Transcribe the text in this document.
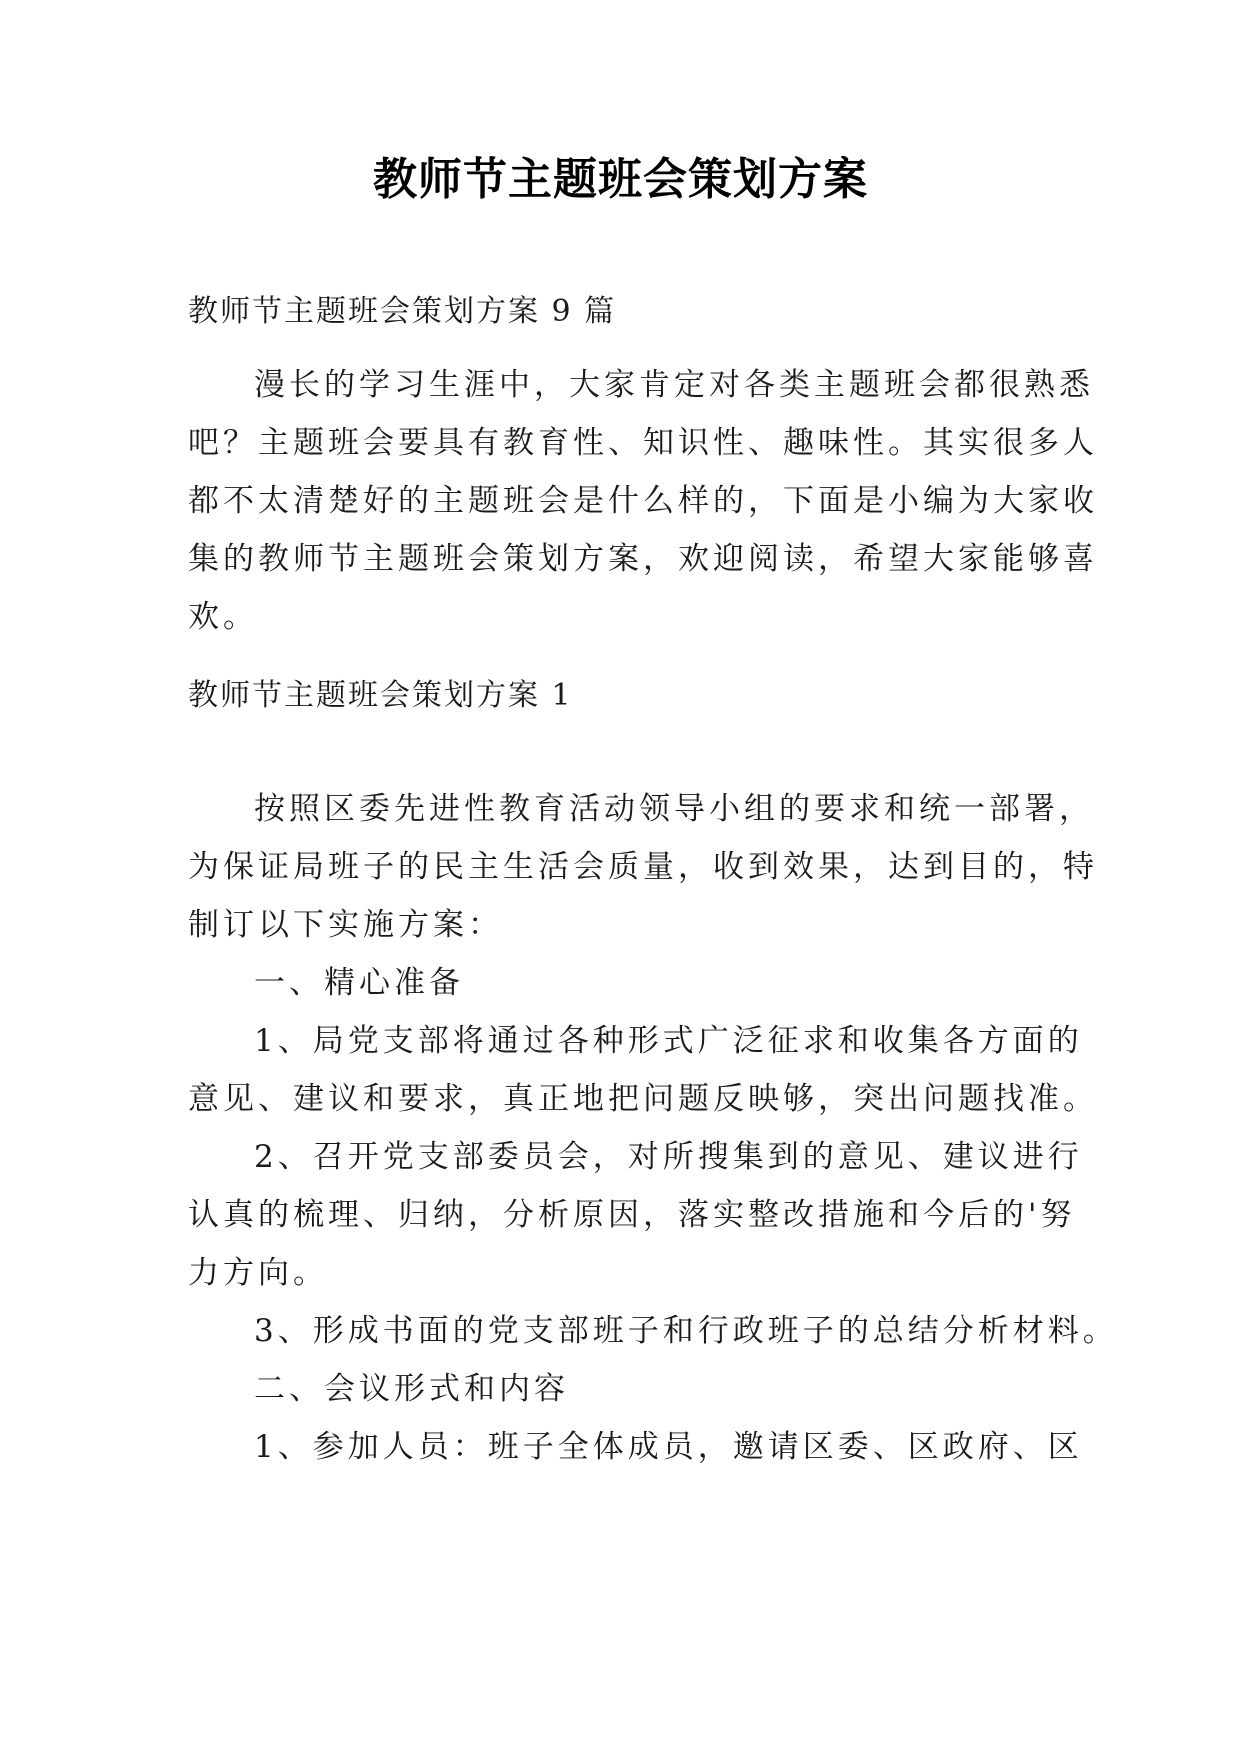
教师节主题班会策划方案
教师节主题班会策划方案 9 篇
漫长的学习生涯中，大家肯定对各类主题班会都很熟悉
吧？主题班会要具有教育性、知识性、趣味性。其实很多人
都不太清楚好的主题班会是什么样的，下面是小编为大家收
集的教师节主题班会策划方案，欢迎阅读，希望大家能够喜
欢。
教师节主题班会策划方案 1
按照区委先进性教育活动领导小组的要求和统一部署，
为保证局班子的民主生活会质量，收到效果，达到目的，特
制订以下实施方案：
一、精心准备
1、局党支部将通过各种形式广泛征求和收集各方面的
意见、建议和要求，真正地把问题反映够，突出问题找准。
2、召开党支部委员会，对所搜集到的意见、建议进行
认真的梳理、归纳，分析原因，落实整改措施和今后的'努
力方向。
3、形成书面的党支部班子和行政班子的总结分析材料。
二、会议形式和内容
1、参加人员：班子全体成员，邀请区委、区政府、区
